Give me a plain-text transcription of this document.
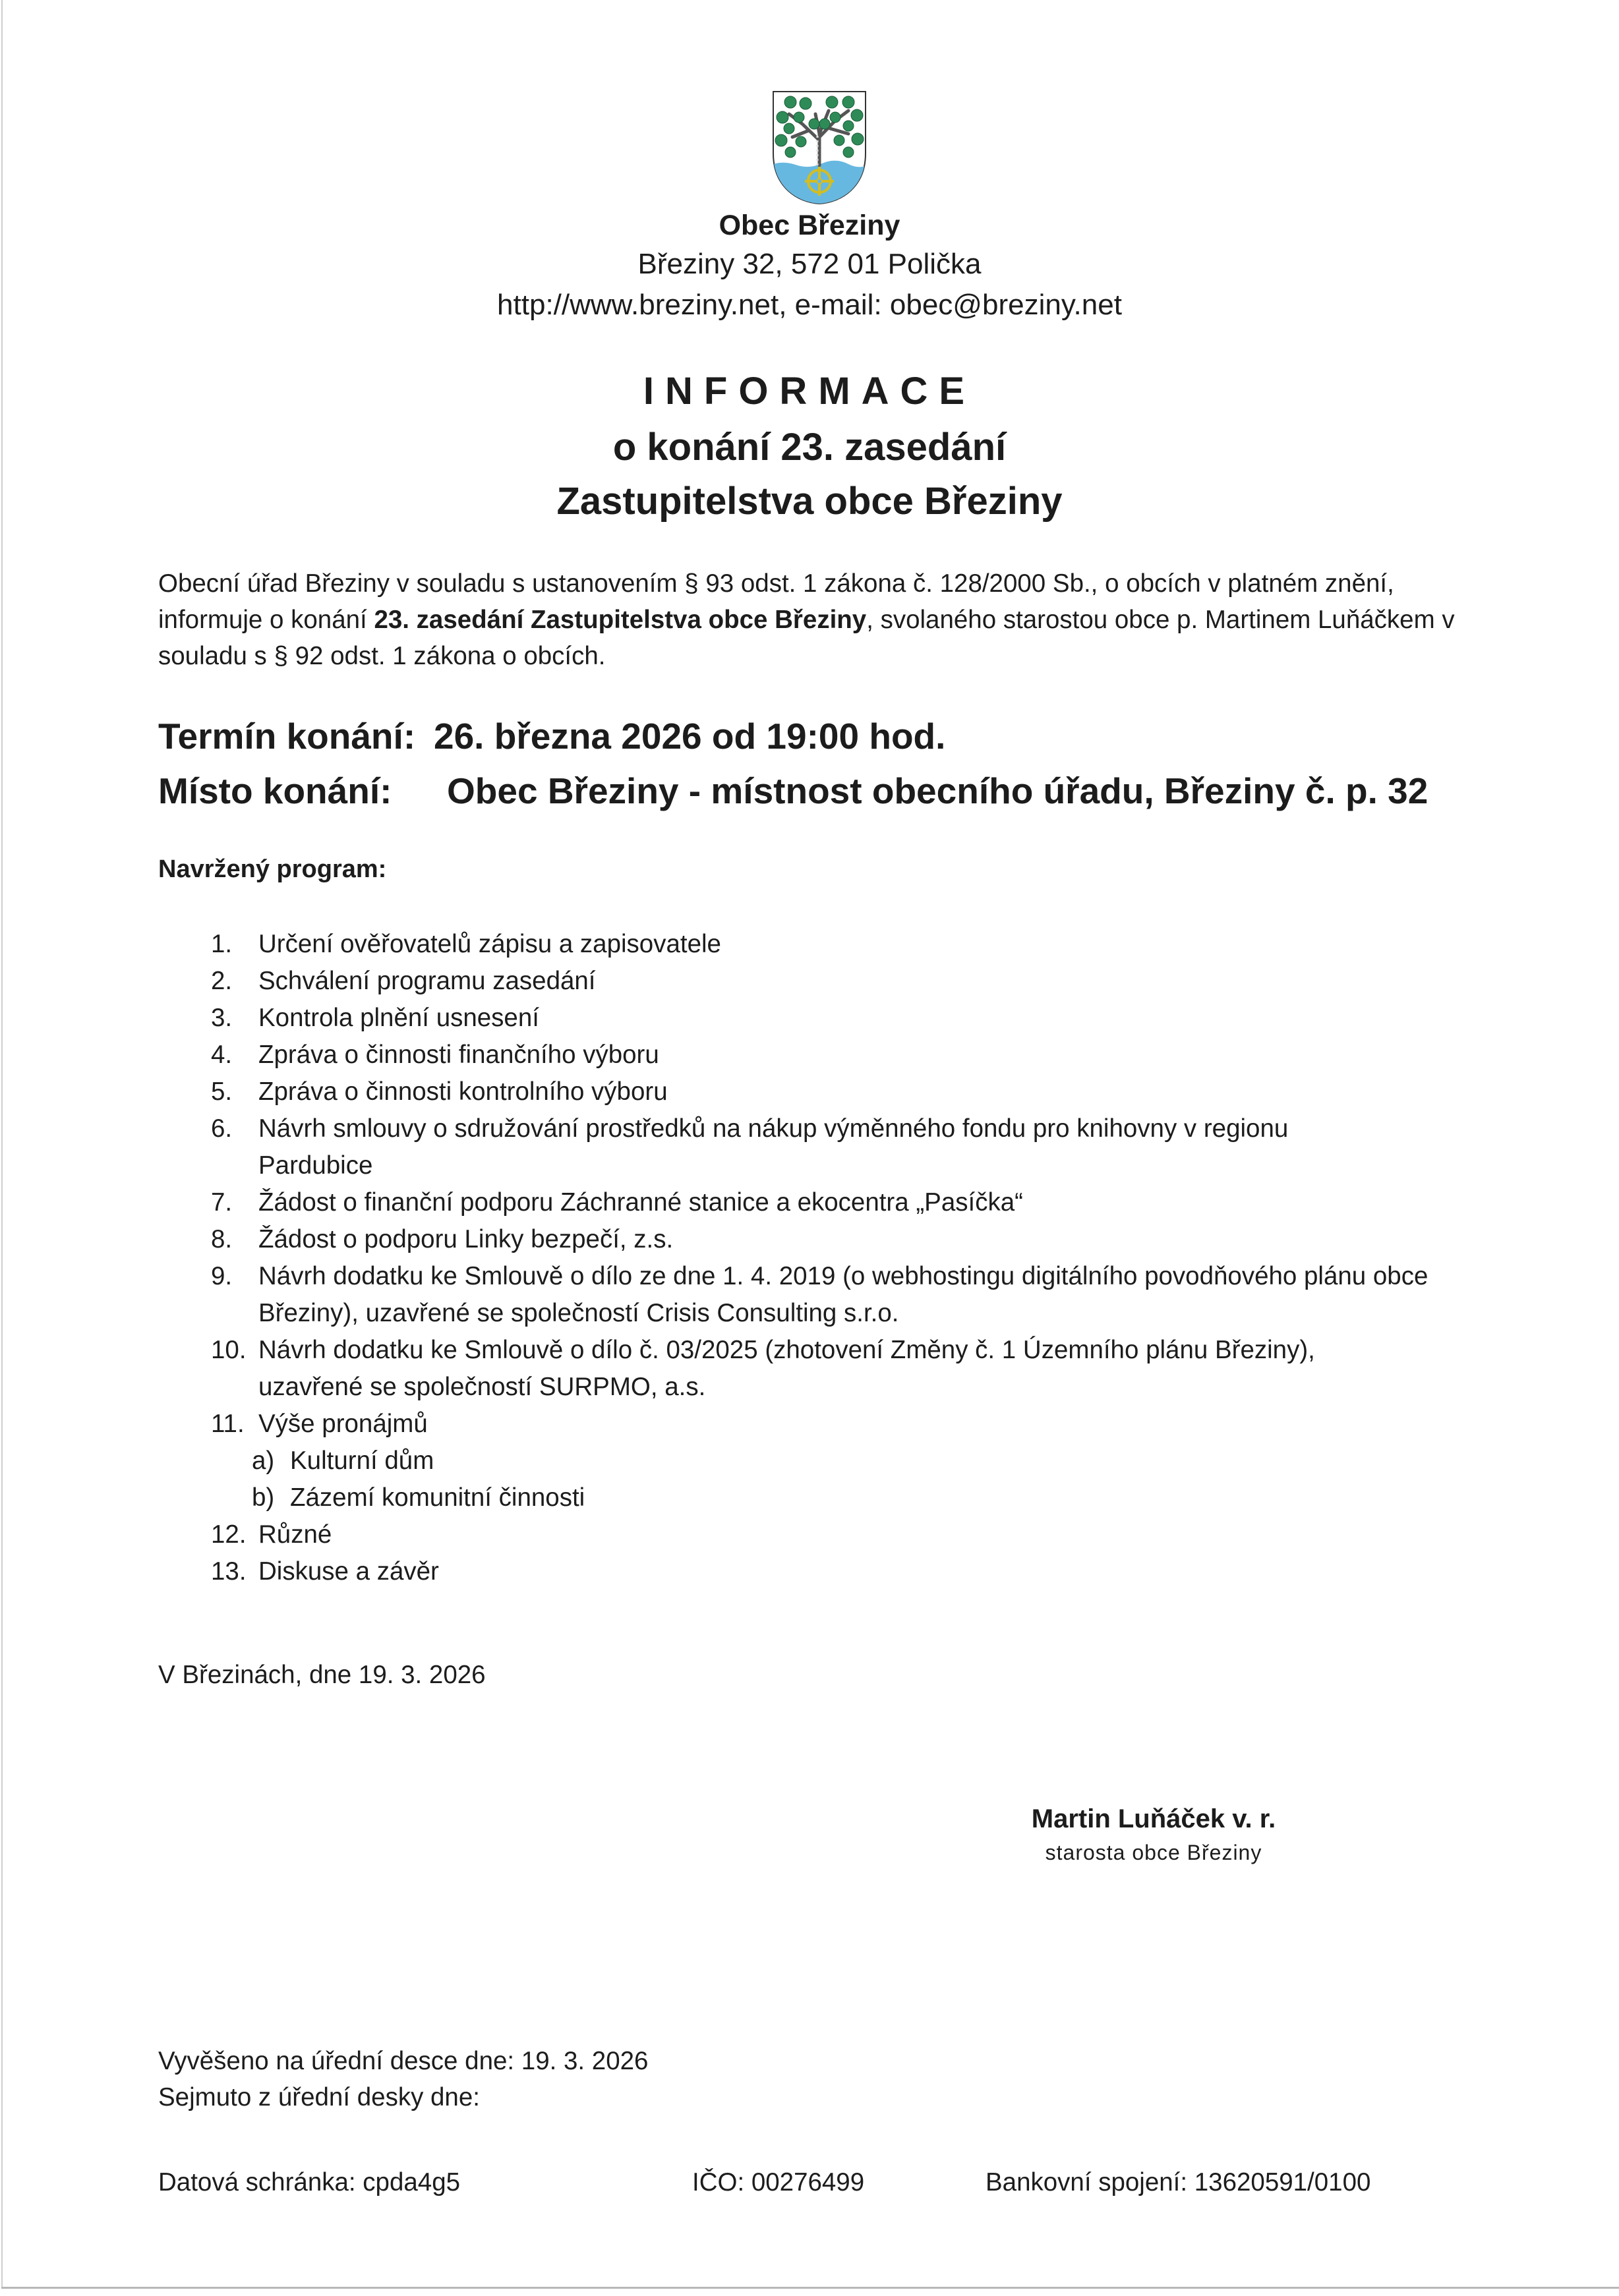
Obec Březiny
Březiny 32, 572 01 Polička
http://www.breziny.net, e-mail: obec@breziny.net
INFORMACE
o konání 23. zasedání
Zastupitelstva obce Březiny
Obecní úřad Březiny v souladu s ustanovením § 93 odst. 1 zákona č. 128/2000 Sb., o obcích v platném znění, informuje o konání 23. zasedání Zastupitelstva obce Březiny, svolaného starostou obce p. Martinem Luňáčkem v souladu s § 92 odst. 1 zákona o obcích.
Termín konání: 26. března 2026 od 19:00 hod.
Místo konání: Obec Březiny - místnost obecního úřadu, Březiny č. p. 32
Navržený program:
1. Určení ověřovatelů zápisu a zapisovatele
2. Schválení programu zasedání
3. Kontrola plnění usnesení
4. Zpráva o činnosti finančního výboru
5. Zpráva o činnosti kontrolního výboru
6. Návrh smlouvy o sdružování prostředků na nákup výměnného fondu pro knihovny v regionu Pardubice
7. Žádost o finanční podporu Záchranné stanice a ekocentra „Pasíčka“
8. Žádost o podporu Linky bezpečí, z.s.
9. Návrh dodatku ke Smlouvě o dílo ze dne 1. 4. 2019 (o webhostingu digitálního povodňového plánu obce Březiny), uzavřené se společností Crisis Consulting s.r.o.
10. Návrh dodatku ke Smlouvě o dílo č. 03/2025 (zhotovení Změny č. 1 Územního plánu Březiny), uzavřené se společností SURPMO, a.s.
11. Výše pronájmů
a) Kulturní dům
b) Zázemí komunitní činnosti
12. Různé
13. Diskuse a závěr
V Březinách, dne 19. 3. 2026
Martin Luňáček v. r.
starosta obce Březiny
Vyvěšeno na úřední desce dne: 19. 3. 2026
Sejmuto z úřední desky dne:
Datová schránka: cpda4g5	IČO: 00276499	Bankovní spojení: 13620591/0100
